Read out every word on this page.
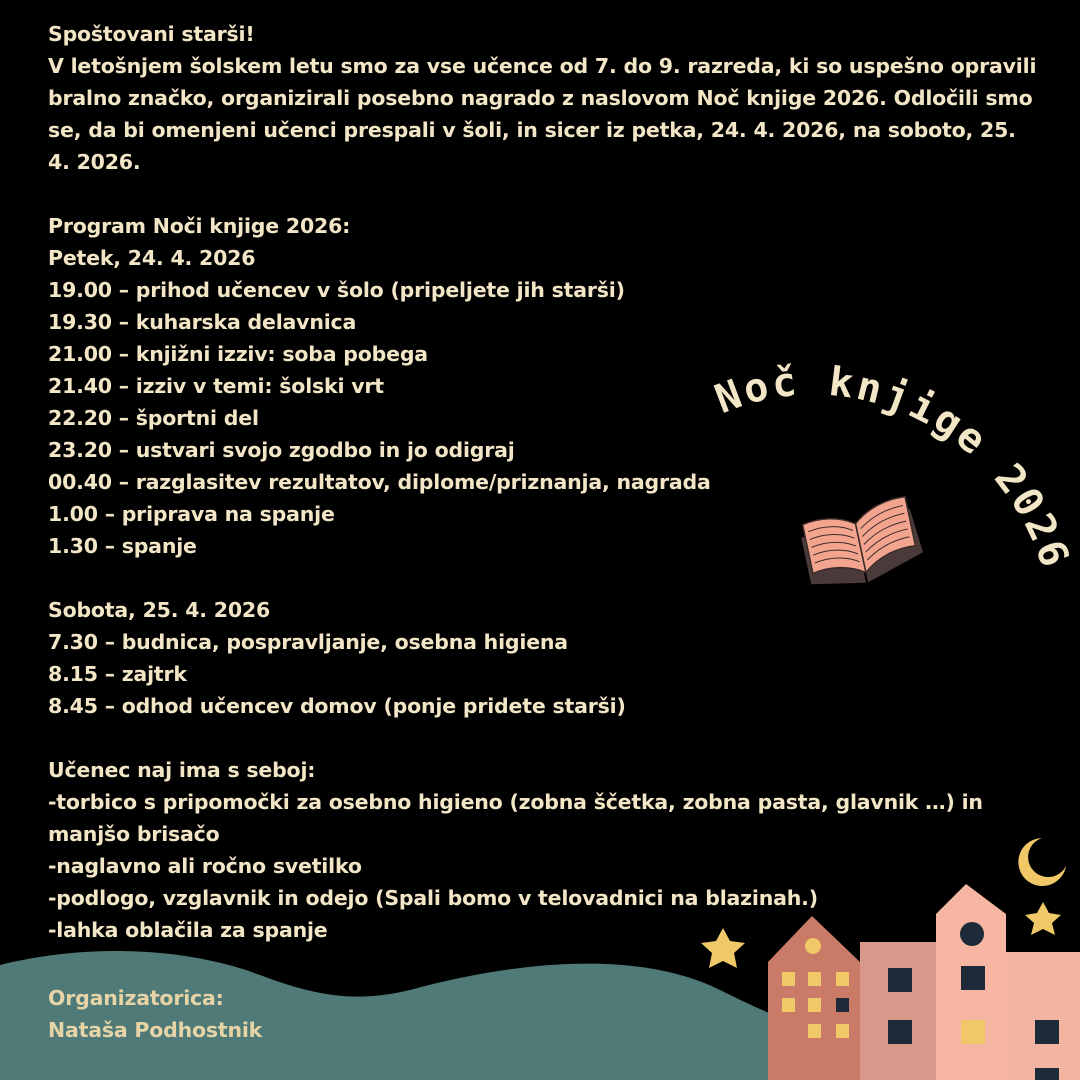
Spoštovani starši!
V letošnjem šolskem letu smo za vse učence od 7. do 9. razreda, ki so uspešno opravili bralno značko, organizirali posebno nagrado z naslovom Noč knjige 2026. Odločili smo se, da bi omenjeni učenci prespali v šoli, in sicer iz petka, 24. 4. 2026, na soboto, 25. 4. 2026.
Program Noči knjige 2026:
Petek, 24. 4. 2026
19.00 – prihod učencev v šolo (pripeljete jih starši)
19.30 – kuharska delavnica
21.00 – knjižni izziv: soba pobega
21.40 – izziv v temi: šolski vrt
22.20 – športni del
23.20 – ustvari svojo zgodbo in jo odigraj
00.40 – razglasitev rezultatov, diplome/priznanja, nagrada
1.00 – priprava na spanje
1.30 – spanje
Sobota, 25. 4. 2026
7.30 – budnica, pospravljanje, osebna higiena
8.15 – zajtrk
8.45 – odhod učencev domov (ponje pridete starši)
Učenec naj ima s seboj:
-torbico s pripomočki za osebno higieno (zobna ščetka, zobna pasta, glavnik …) in manjšo brisačo
-naglavno ali ročno svetilko
-podlogo, vzglavnik in odejo (Spali bomo v telovadnici na blazinah.)
-lahka oblačila za spanje
Noč knjige 2026
Organizatorica:
Nataša Podhostnik
